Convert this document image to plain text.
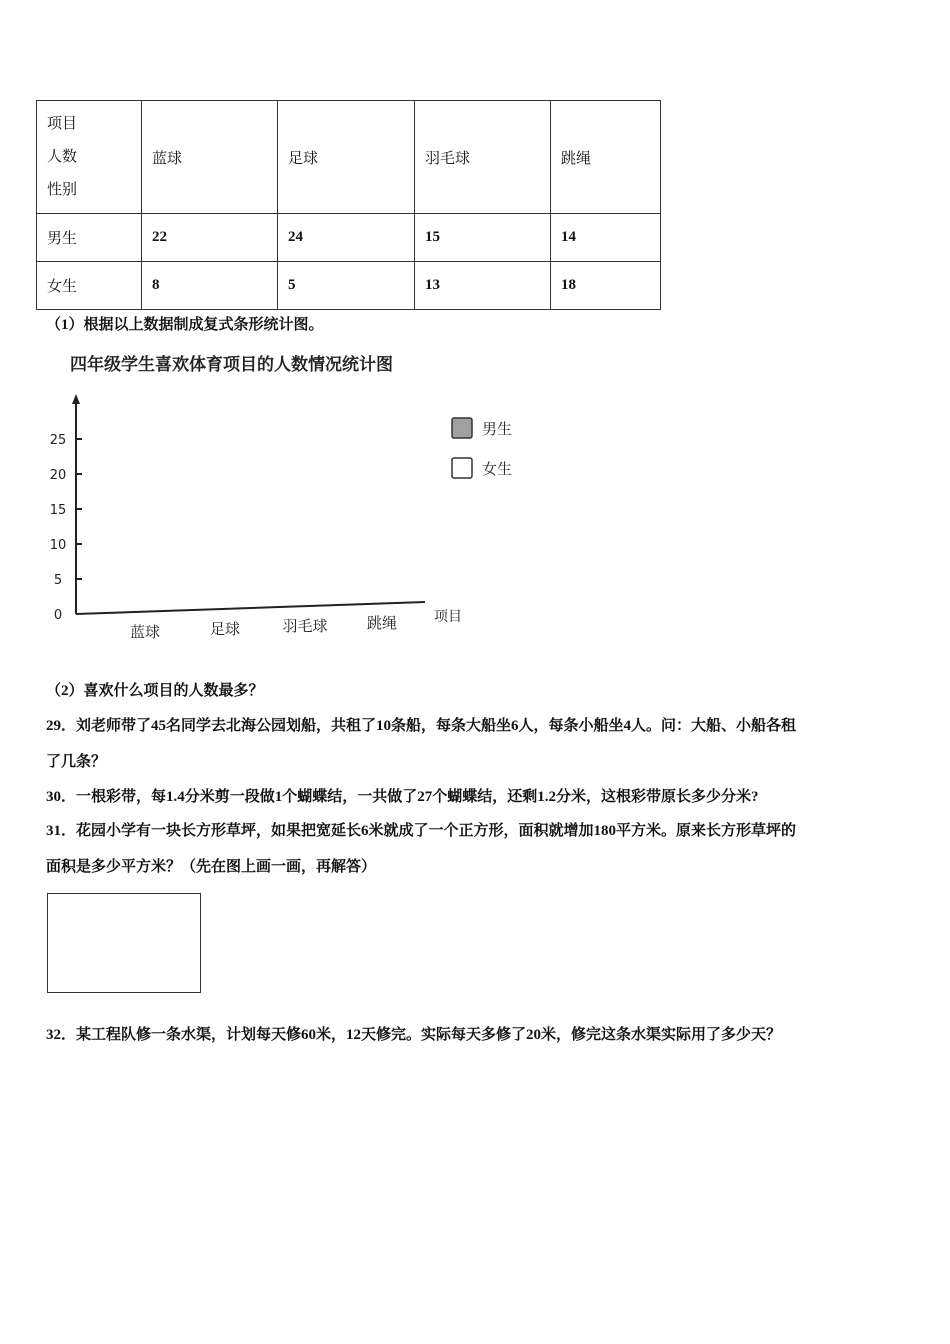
项目
人数
性别	蓝球	足球	羽毛球	跳绳
男生	22	24	15	14
女生	8	5	13	18
（1）根据以上数据制成复式条形统计图。
四年级学生喜欢体育项目的人数情况统计图
0
5
10
15
20
25
蓝球	足球	羽毛球	跳绳	项目
男生
女生
（2）喜欢什么项目的人数最多？
29．刘老师带了45名同学去北海公园划船，共租了10条船，每条大船坐6人，每条小船坐4人。问：大船、小船各租
了几条？
30．一根彩带，每1.4分米剪一段做1个蝴蝶结，一共做了27个蝴蝶结，还剩1.2分米，这根彩带原长多少分米?
31．花园小学有一块长方形草坪，如果把宽延长6米就成了一个正方形，面积就增加180平方米。原来长方形草坪的
面积是多少平方米？（先在图上画一画，再解答）
32．某工程队修一条水渠，计划每天修60米，12天修完。实际每天多修了20米，修完这条水渠实际用了多少天？
